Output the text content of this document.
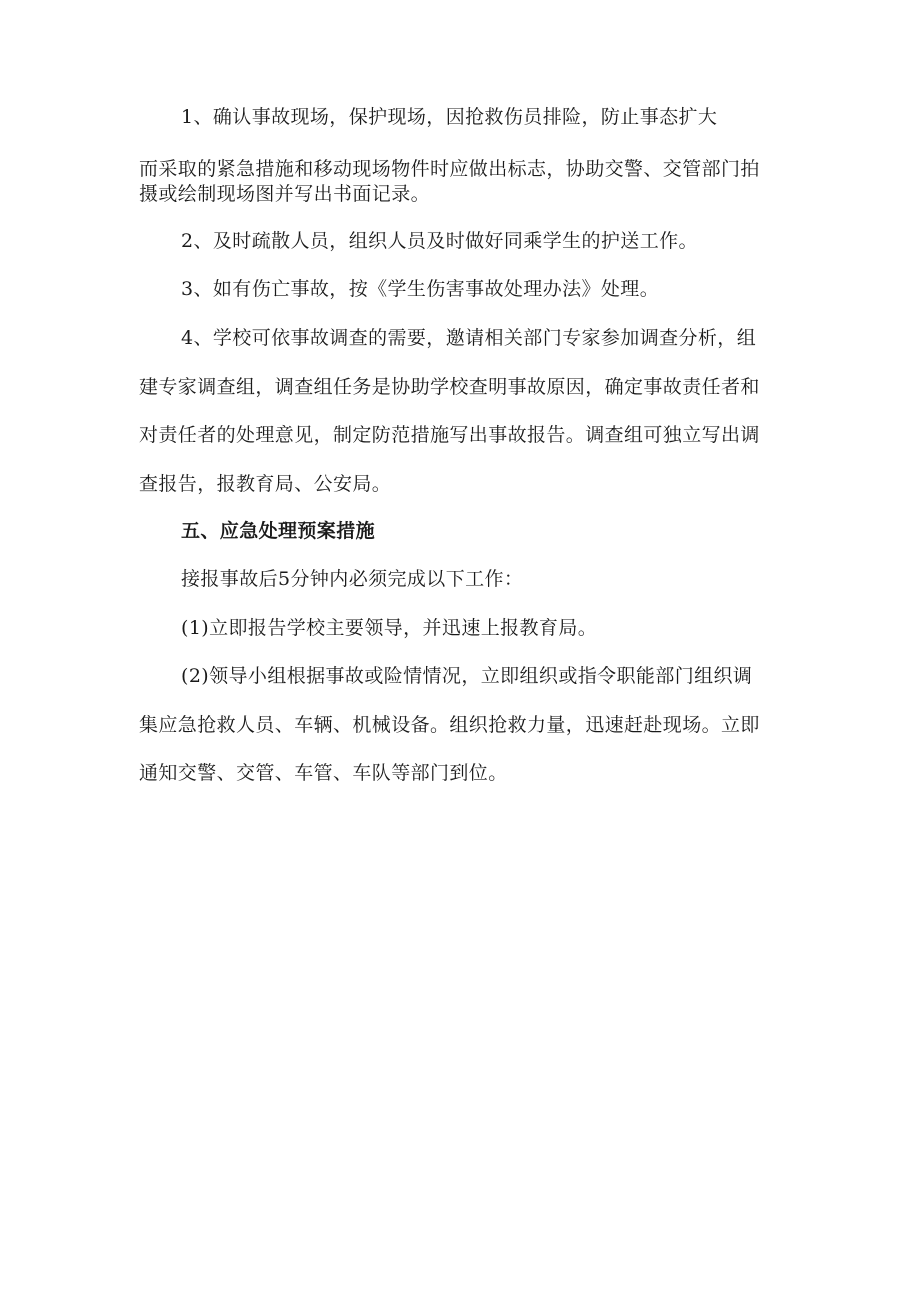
1、确认事故现场，保护现场，因抢救伤员排险，防止事态扩大
而采取的紧急措施和移动现场物件时应做出标志，协助交警、交管部门拍
摄或绘制现场图并写出书面记录。
2、及时疏散人员，组织人员及时做好同乘学生的护送工作。
3、如有伤亡事故，按《学生伤害事故处理办法》处理。
4、学校可依事故调查的需要，邀请相关部门专家参加调查分析，组
建专家调查组，调查组任务是协助学校查明事故原因，确定事故责任者和
对责任者的处理意见，制定防范措施写出事故报告。调查组可独立写出调
查报告，报教育局、公安局。
五、应急处理预案措施
接报事故后5分钟内必须完成以下工作：
(1)立即报告学校主要领导，并迅速上报教育局。
(2)领导小组根据事故或险情情况，立即组织或指令职能部门组织调
集应急抢救人员、车辆、机械设备。组织抢救力量，迅速赶赴现场。立即
通知交警、交管、车管、车队等部门到位。
